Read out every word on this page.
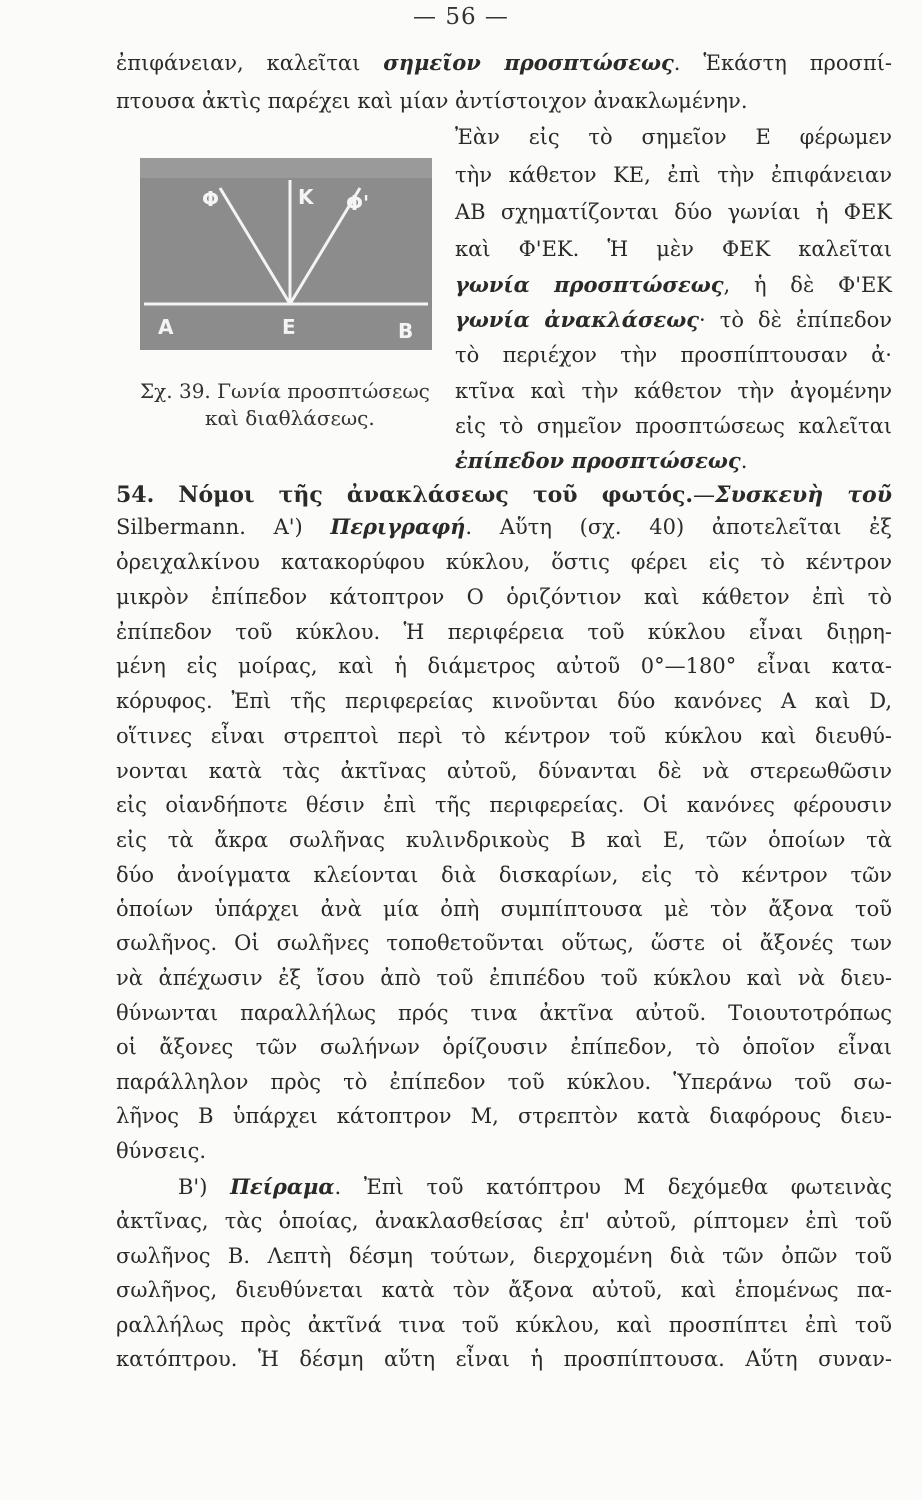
— 56 —
ἐπιφάνειαν, καλεῖται σημεῖον προσπτώσεως. Ἑκάστη προσπί-
πτουσα ἀκτὶς παρέχει καὶ μίαν ἀντίστοιχον ἀνακλωμένην.
Φ	Κ Φ'
Α	Ε	Β
Σχ. 39. Γωνία προσπτώσεως
καὶ διαθλάσεως.
Ἐὰν εἰς τὸ σημεῖον Ε φέρωμεν
τὴν κάθετον ΚΕ, ἐπὶ τὴν ἐπιφάνειαν
ΑΒ σχηματίζονται δύο γωνίαι ἡ ΦΕΚ
καὶ Φ'ΕΚ. Ἡ μὲν ΦΕΚ καλεῖται
γωνία προσπτώσεως, ἡ δὲ Φ'ΕΚ
γωνία ἀνακλάσεως· τὸ δὲ ἐπίπεδον
τὸ περιέχον τὴν προσπίπτουσαν ἀ·
κτῖνα καὶ τὴν κάθετον τὴν ἀγομένην
εἰς τὸ σημεῖον προσπτώσεως καλεῖται
ἐπίπεδον προσπτώσεως.
54. Νόμοι τῆς ἀνακλάσεως τοῦ φωτός.—Συσκευὴ τοῦ
Silbermann. Α') Περιγραφή. Αὕτη (σχ. 40) ἀποτελεῖται ἐξ
ὀρειχαλκίνου κατακορύφου κύκλου, ὅστις φέρει εἰς τὸ κέντρον
μικρὸν ἐπίπεδον κάτοπτρον Ο ὁριζόντιον καὶ κάθετον ἐπὶ τὸ
ἐπίπεδον τοῦ κύκλου. Ἡ περιφέρεια τοῦ κύκλου εἶναι διῃρη-
μένη εἰς μοίρας, καὶ ἡ διάμετρος αὐτοῦ 0°—180° εἶναι κατα-
κόρυφος. Ἐπὶ τῆς περιφερείας κινοῦνται δύο κανόνες Α καὶ D,
οἵτινες εἶναι στρεπτοὶ περὶ τὸ κέντρον τοῦ κύκλου καὶ διευθύ-
νονται κατὰ τὰς ἀκτῖνας αὐτοῦ, δύνανται δὲ νὰ στερεωθῶσιν
εἰς οἱανδήποτε θέσιν ἐπὶ τῆς περιφερείας. Οἱ κανόνες φέρουσιν
εἰς τὰ ἄκρα σωλῆνας κυλινδρικοὺς Β καὶ Ε, τῶν ὁποίων τὰ
δύο ἀνοίγματα κλείονται διὰ δισκαρίων, εἰς τὸ κέντρον τῶν
ὁποίων ὑπάρχει ἀνὰ μία ὀπὴ συμπίπτουσα μὲ τὸν ἄξονα τοῦ
σωλῆνος. Οἱ σωλῆνες τοποθετοῦνται οὕτως, ὥστε οἱ ἄξονές των
νὰ ἀπέχωσιν ἐξ ἴσου ἀπὸ τοῦ ἐπιπέδου τοῦ κύκλου καὶ νὰ διευ-
θύνωνται παραλλήλως πρός τινα ἀκτῖνα αὐτοῦ. Τοιουτοτρόπως
οἱ ἄξονες τῶν σωλήνων ὁρίζουσιν ἐπίπεδον, τὸ ὁποῖον εἶναι
παράλληλον πρὸς τὸ ἐπίπεδον τοῦ κύκλου. Ὑπεράνω τοῦ σω-
λῆνος Β ὑπάρχει κάτοπτρον Μ, στρεπτὸν κατὰ διαφόρους διευ-
θύνσεις.
Β') Πείραμα. Ἐπὶ τοῦ κατόπτρου Μ δεχόμεθα φωτεινὰς
ἀκτῖνας, τὰς ὁποίας, ἀνακλασθείσας ἐπ' αὐτοῦ, ρίπτομεν ἐπὶ τοῦ
σωλῆνος Β. Λεπτὴ δέσμη τούτων, διερχομένη διὰ τῶν ὀπῶν τοῦ
σωλῆνος, διευθύνεται κατὰ τὸν ἄξονα αὐτοῦ, καὶ ἑπομένως πα-
ραλλήλως πρὸς ἀκτῖνά τινα τοῦ κύκλου, καὶ προσπίπτει ἐπὶ τοῦ
κατόπτρου. Ἡ δέσμη αὕτη εἶναι ἡ προσπίπτουσα. Αὕτη συναν-
